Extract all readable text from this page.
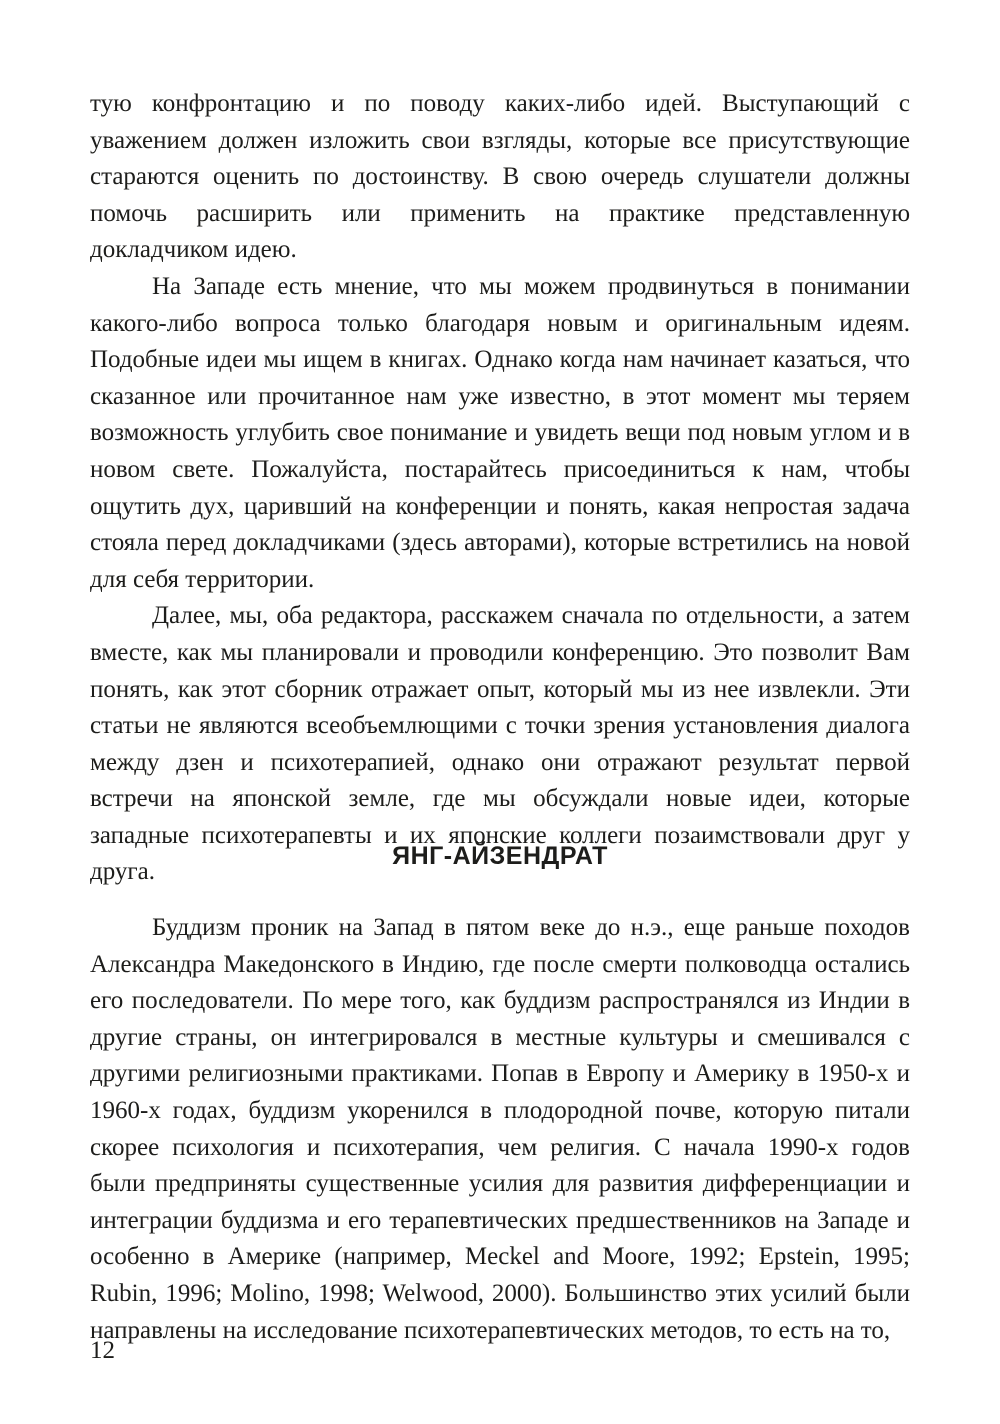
тую конфронтацию и по поводу каких-либо идей. Выступающий с уважением должен изложить свои взгляды, которые все присутствующие стараются оценить по достоинству. В свою очередь слушатели должны помочь расширить или применить на практике представленную докладчиком идею.

На Западе есть мнение, что мы можем продвинуться в понимании какого-либо вопроса только благодаря новым и оригинальным идеям. Подобные идеи мы ищем в книгах. Однако когда нам начинает казаться, что сказанное или прочитанное нам уже известно, в этот момент мы теряем возможность углубить свое понимание и увидеть вещи под новым углом и в новом свете. Пожалуйста, постарайтесь присоединиться к нам, чтобы ощутить дух, царивший на конференции и понять, какая непростая задача стояла перед докладчиками (здесь авторами), которые встретились на новой для себя территории.

Далее, мы, оба редактора, расскажем сначала по отдельности, а затем вместе, как мы планировали и проводили конференцию. Это позволит Вам понять, как этот сборник отражает опыт, который мы из нее извлекли. Эти статьи не являются всеобъемлющими с точки зрения установления диалога между дзен и психотерапией, однако они отражают результат первой встречи на японской земле, где мы обсуждали новые идеи, которые западные психотерапевты и их японские коллеги позаимствовали друг у друга.

ЯНГ-АЙЗЕНДРАТ

Буддизм проник на Запад в пятом веке до н.э., еще раньше походов Александра Македонского в Индию, где после смерти полководца остались его последователи. По мере того, как буддизм распространялся из Индии в другие страны, он интегрировался в местные культуры и смешивался с другими религиозными практиками. Попав в Европу и Америку в 1950-х и 1960-х годах, буддизм укоренился в плодородной почве, которую питали скорее психология и психотерапия, чем религия. С начала 1990-х годов были предприняты существенные усилия для развития дифференциации и интеграции буддизма и его терапевтических предшественников на Западе и особенно в Америке (например, Meckel and Moore, 1992; Epstein, 1995; Rubin, 1996; Molino, 1998; Welwood, 2000). Большинство этих усилий были направлены на исследование психотерапевтических методов, то есть на то,

12
